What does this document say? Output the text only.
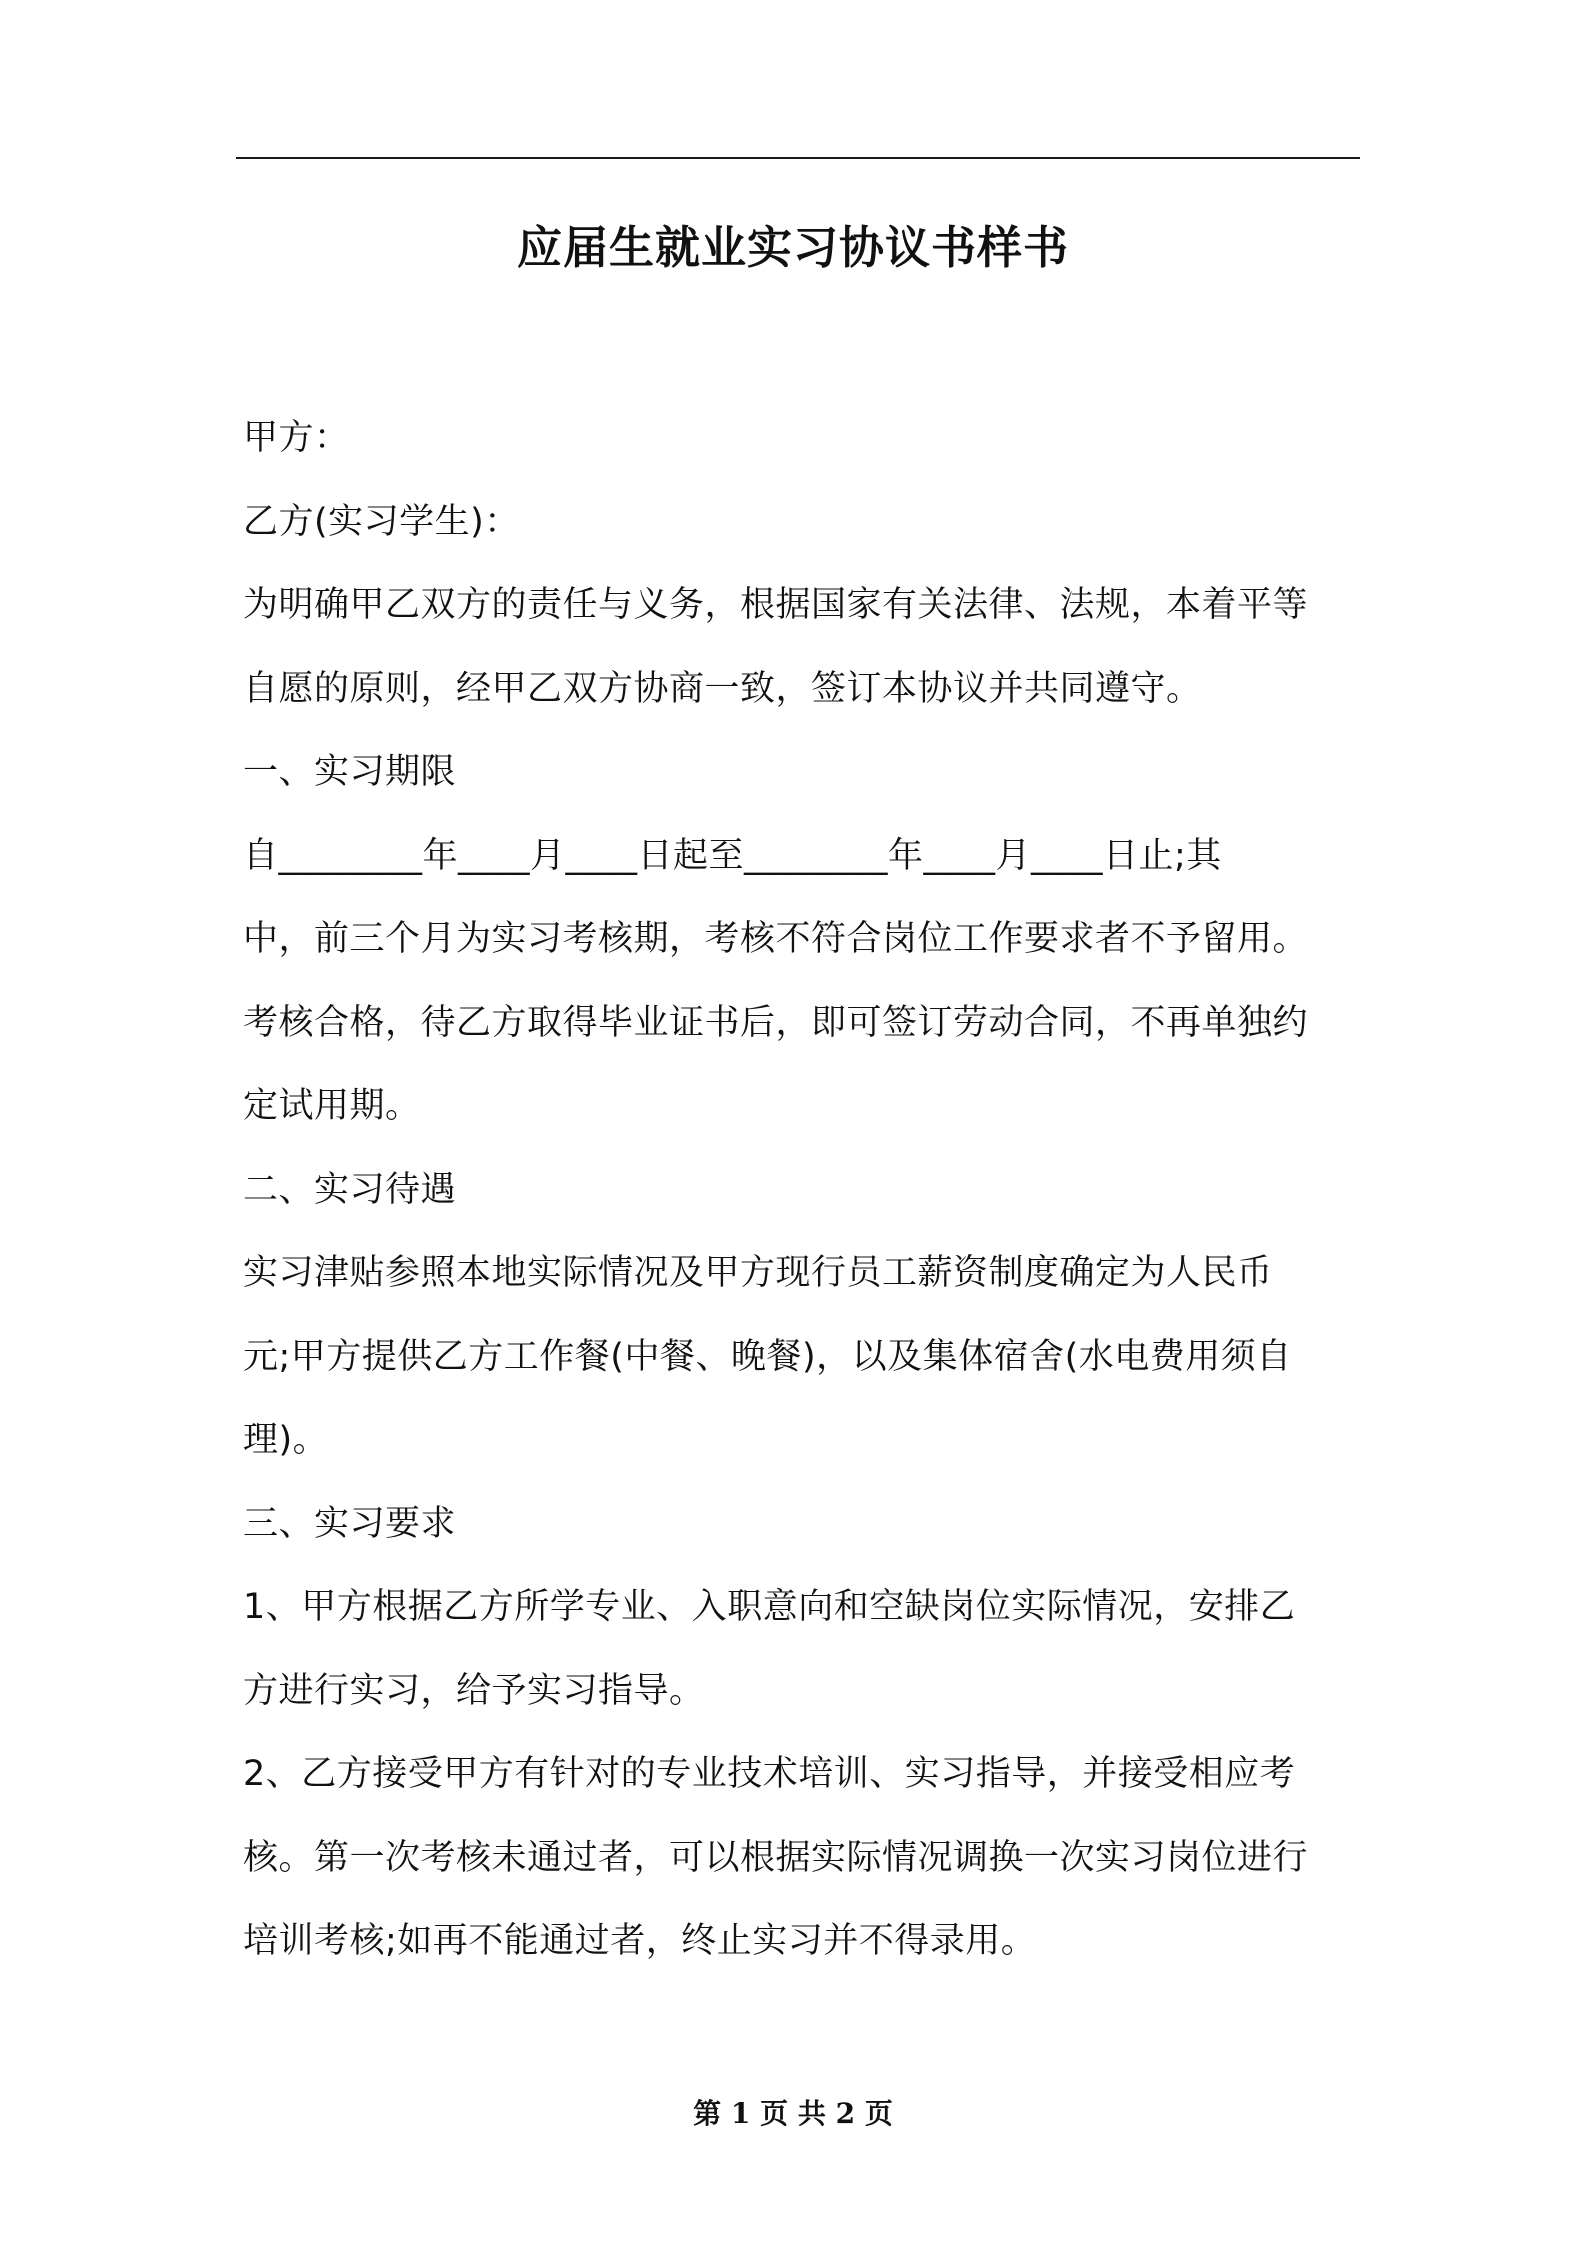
应届生就业实习协议书样书
甲方：
乙方(实习学生)：
为明确甲乙双方的责任与义务，根据国家有关法律、法规，本着平等
自愿的原则，经甲乙双方协商一致，签订本协议并共同遵守。
一、实习期限
自________年____月____日起至________年____月____日止;其
中，前三个月为实习考核期，考核不符合岗位工作要求者不予留用。
考核合格，待乙方取得毕业证书后，即可签订劳动合同，不再单独约
定试用期。
二、实习待遇
实习津贴参照本地实际情况及甲方现行员工薪资制度确定为人民币
元;甲方提供乙方工作餐(中餐、晚餐)，以及集体宿舍(水电费用须自
理)。
三、实习要求
1、甲方根据乙方所学专业、入职意向和空缺岗位实际情况，安排乙
方进行实习，给予实习指导。
2、乙方接受甲方有针对的专业技术培训、实习指导，并接受相应考
核。第一次考核未通过者，可以根据实际情况调换一次实习岗位进行
培训考核;如再不能通过者，终止实习并不得录用。
第 1 页 共 2 页
